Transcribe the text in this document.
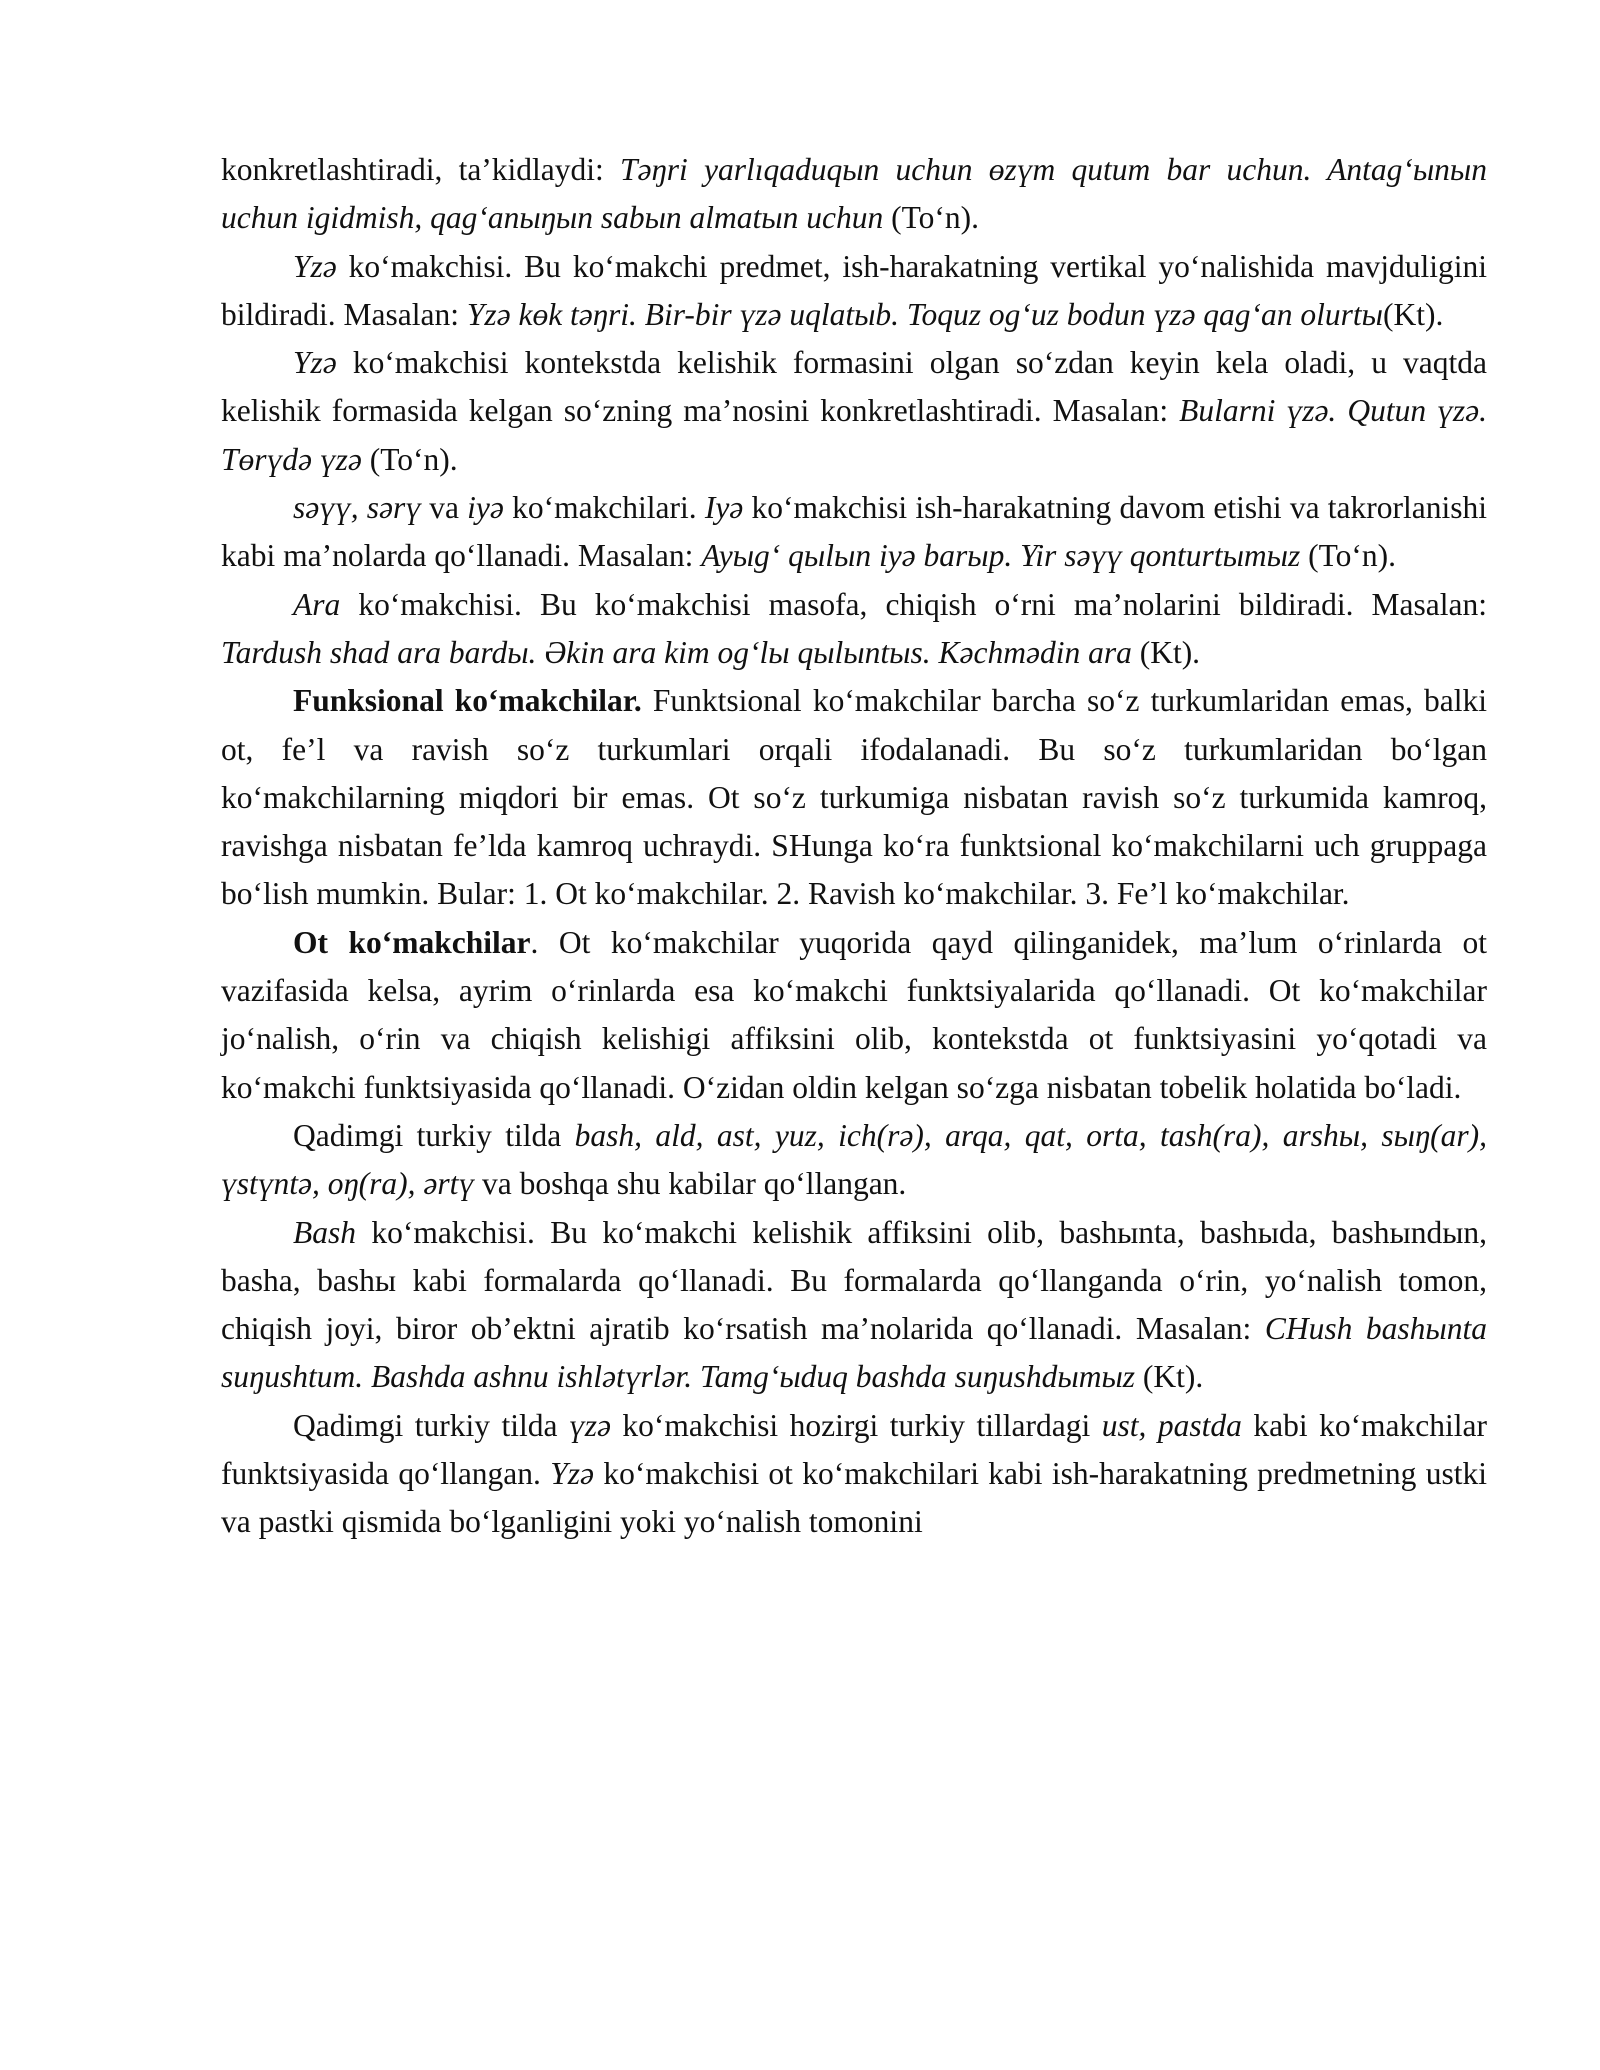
konkretlashtiradi, ta’kidlaydi: Təŋri yarlıqaduqыn uchun өzүm qutum bar uchun. Antag‘ыnыn uchun igidmish, qag‘anыŋыn sabыn almatыn uchun (To‘n).

Yzə ko‘makchisi. Bu ko‘makchi predmet, ish-harakatning vertikal yo‘nalishida mavjduligini bildiradi. Masalan: Yzə kөk təŋri. Bir-bir үzə uqlatыb. Toquz og‘uz bodun үzə qag‘an olurtы(Kt).

Yzə ko‘makchisi kontekstda kelishik formasini olgan so‘zdan keyin kela oladi, u vaqtda kelishik formasida kelgan so‘zning ma’nosini konkretlashtiradi. Masalan: Bularni үzə. Qutun үzə. Tөrүdə үzə (To‘n).

səүү, sərү va iyə ko‘makchilari. Iyə ko‘makchisi ish-harakatning davom etishi va takrorlanishi kabi ma’nolarda qo‘llanadi. Masalan: Ayыg‘ qыlыn iyə barыp. Yir səүү qonturtыmыz (To‘n).

Ara ko‘makchisi. Bu ko‘makchisi masofa, chiqish o‘rni ma’nolarini bildiradi. Masalan: Tardush shad ara bardы. Əkin ara kim og‘lы qыlыntыs. Kəchmədin ara (Kt).

Funksional ko‘makchilar. Funktsional ko‘makchilar barcha so‘z turkumlaridan emas, balki ot, fe’l va ravish so‘z turkumlari orqali ifodalanadi. Bu so‘z turkumlaridan bo‘lgan ko‘makchilarning miqdori bir emas. Ot so‘z turkumiga nisbatan ravish so‘z turkumida kamroq, ravishga nisbatan fe’lda kamroq uchraydi. SHunga ko‘ra funktsional ko‘makchilarni uch gruppaga bo‘lish mumkin. Bular: 1. Ot ko‘makchilar. 2. Ravish ko‘makchilar. 3. Fe’l ko‘makchilar.

Ot ko‘makchilar. Ot ko‘makchilar yuqorida qayd qilinganidek, ma’lum o‘rinlarda ot vazifasida kelsa, ayrim o‘rinlarda esa ko‘makchi funktsiyalarida qo‘llanadi. Ot ko‘makchilar jo‘nalish, o‘rin va chiqish kelishigi affiksini olib, kontekstda ot funktsiyasini yo‘qotadi va ko‘makchi funktsiyasida qo‘llanadi. O‘zidan oldin kelgan so‘zga nisbatan tobelik holatida bo‘ladi.

Qadimgi turkiy tilda bash, ald, ast, yuz, ich(rə), arqa, qat, orta, tash(ra), arshы, sыŋ(ar), үstүntə, oŋ(ra), ərtү va boshqa shu kabilar qo‘llangan.

Bash ko‘makchisi. Bu ko‘makchi kelishik affiksini olib, bashыnta, bashыda, bashыndыn, basha, bashы kabi formalarda qo‘llanadi. Bu formalarda qo‘llanganda o‘rin, yo‘nalish tomon, chiqish joyi, biror ob’ektni ajratib ko‘rsatish ma’nolarida qo‘llanadi. Masalan: CHush bashыnta suŋushtum. Bashda ashnu ishlətүrlər. Tamg‘ыduq bashda suŋushdыmыz (Kt).

Qadimgi turkiy tilda үzə ko‘makchisi hozirgi turkiy tillardagi ust, pastda kabi ko‘makchilar funktsiyasida qo‘llangan. Yzə ko‘makchisi ot ko‘makchilari kabi ish-harakatning predmetning ustki va pastki qismida bo‘lganligini yoki yo‘nalish tomonini
